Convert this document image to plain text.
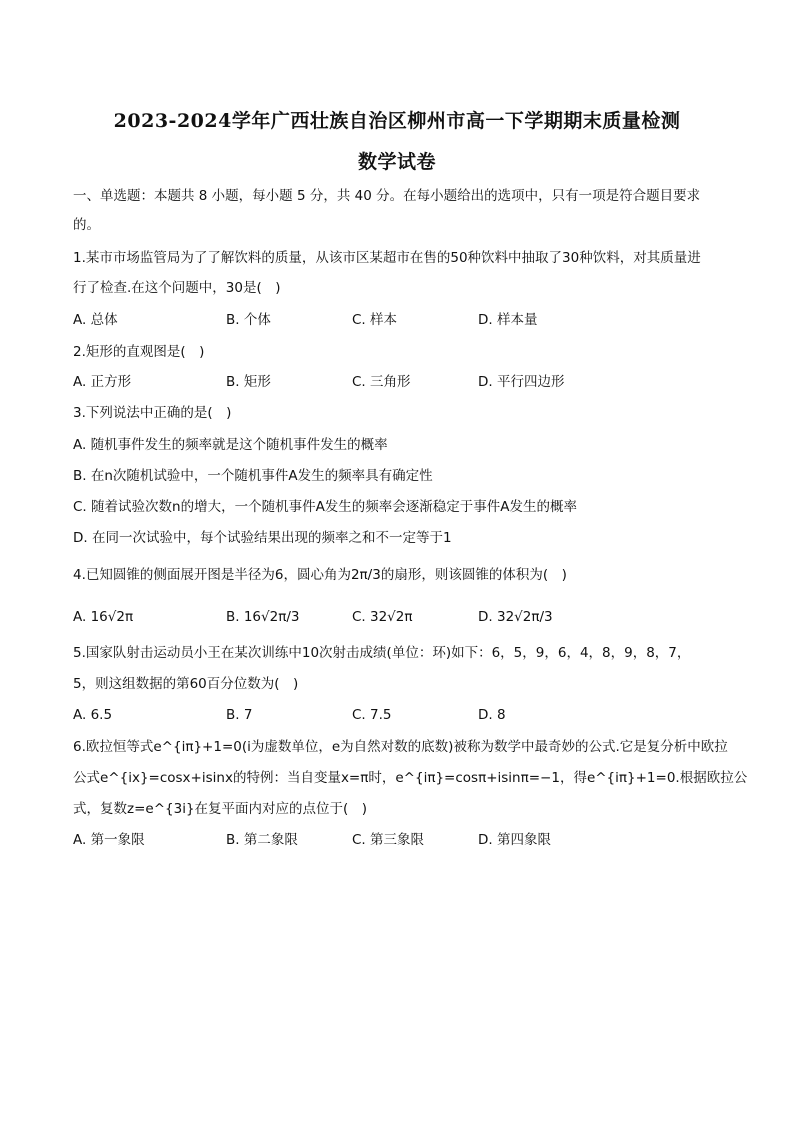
2023-2024学年广西壮族自治区柳州市高一下学期期末质量检测
数学试卷
一、单选题：本题共 8 小题，每小题 5 分，共 40 分。在每小题给出的选项中，只有一项是符合题目要求
的。
1.某市市场监管局为了了解饮料的质量，从该市区某超市在售的50种饮料中抽取了30种饮料，对其质量进
行了检查.在这个问题中，30是(　)
A. 总体	B. 个体	C. 样本	D. 样本量
2.矩形的直观图是(　)
A. 正方形	B. 矩形	C. 三角形	D. 平行四边形
3.下列说法中正确的是(　)
A. 随机事件发生的频率就是这个随机事件发生的概率
B. 在n次随机试验中，一个随机事件A发生的频率具有确定性
C. 随着试验次数n的增大，一个随机事件A发生的频率会逐渐稳定于事件A发生的概率
D. 在同一次试验中，每个试验结果出现的频率之和不一定等于1
4.已知圆锥的侧面展开图是半径为6，圆心角为2π/3的扇形，则该圆锥的体积为(　)
A. 16√2π	B. 16√2π/3	C. 32√2π	D. 32√2π/3
5.国家队射击运动员小王在某次训练中10次射击成绩(单位：环)如下：6，5，9，6，4，8，9，8，7，
5，则这组数据的第60百分位数为(　)
A. 6.5	B. 7	C. 7.5	D. 8
6.欧拉恒等式e^{iπ}+1=0(i为虚数单位，e为自然对数的底数)被称为数学中最奇妙的公式.它是复分析中欧拉
公式e^{ix}=cosx+isinx的特例：当自变量x=π时，e^{iπ}=cosπ+isinπ=−1，得e^{iπ}+1=0.根据欧拉公
式，复数z=e^{3i}在复平面内对应的点位于(　)
A. 第一象限	B. 第二象限	C. 第三象限	D. 第四象限
